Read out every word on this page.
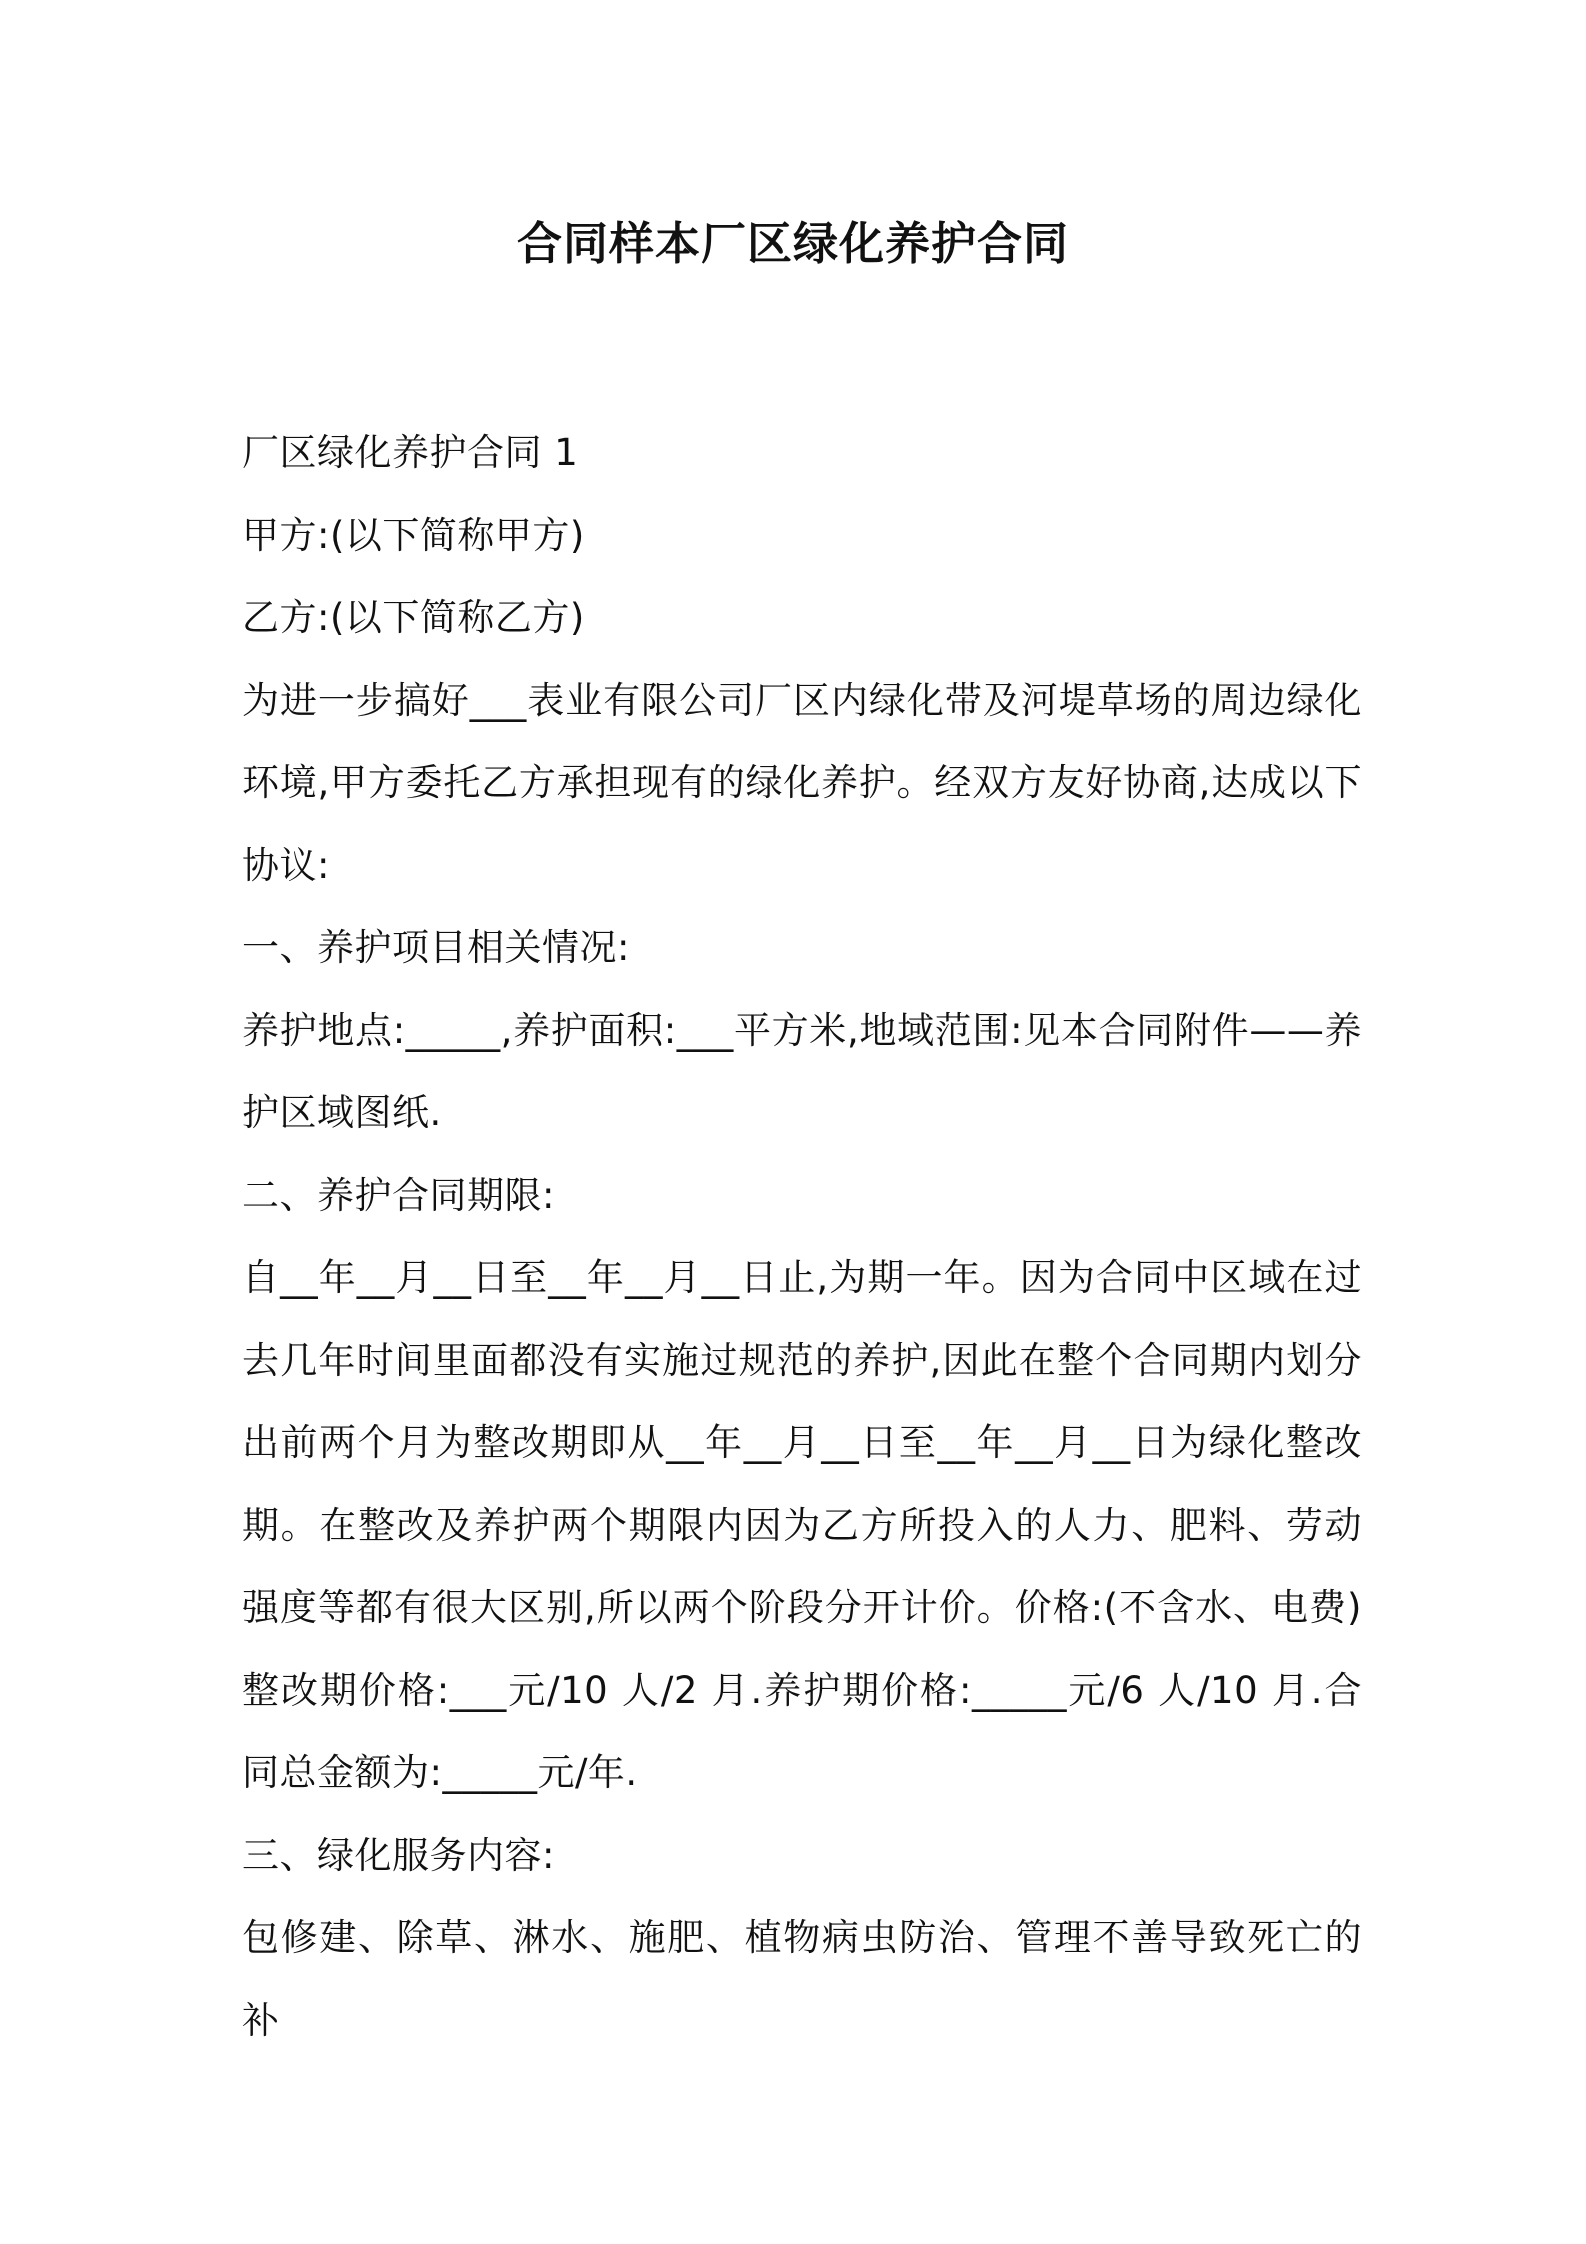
合同样本厂区绿化养护合同

厂区绿化养护合同 1

甲方:(以下简称甲方)

乙方:(以下简称乙方)

为进一步搞好___表业有限公司厂区内绿化带及河堤草场的周边绿化环境,甲方委托乙方承担现有的绿化养护。经双方友好协商,达成以下协议:

一、养护项目相关情况:

养护地点:_____,养护面积:___平方米,地域范围:见本合同附件——养护区域图纸.

二、养护合同期限:

自__年__月__日至__年__月__日止,为期一年。因为合同中区域在过去几年时间里面都没有实施过规范的养护,因此在整个合同期内划分出前两个月为整改期即从__年__月__日至__年__月__日为绿化整改期。在整改及养护两个期限内因为乙方所投入的人力、肥料、劳动强度等都有很大区别,所以两个阶段分开计价。价格:(不含水、电费)整改期价格:___元/10 人/2 月.养护期价格:_____元/6 人/10 月.合同总金额为:_____元/年.

三、绿化服务内容:

包修建、除草、淋水、施肥、植物病虫防治、管理不善导致死亡的补
